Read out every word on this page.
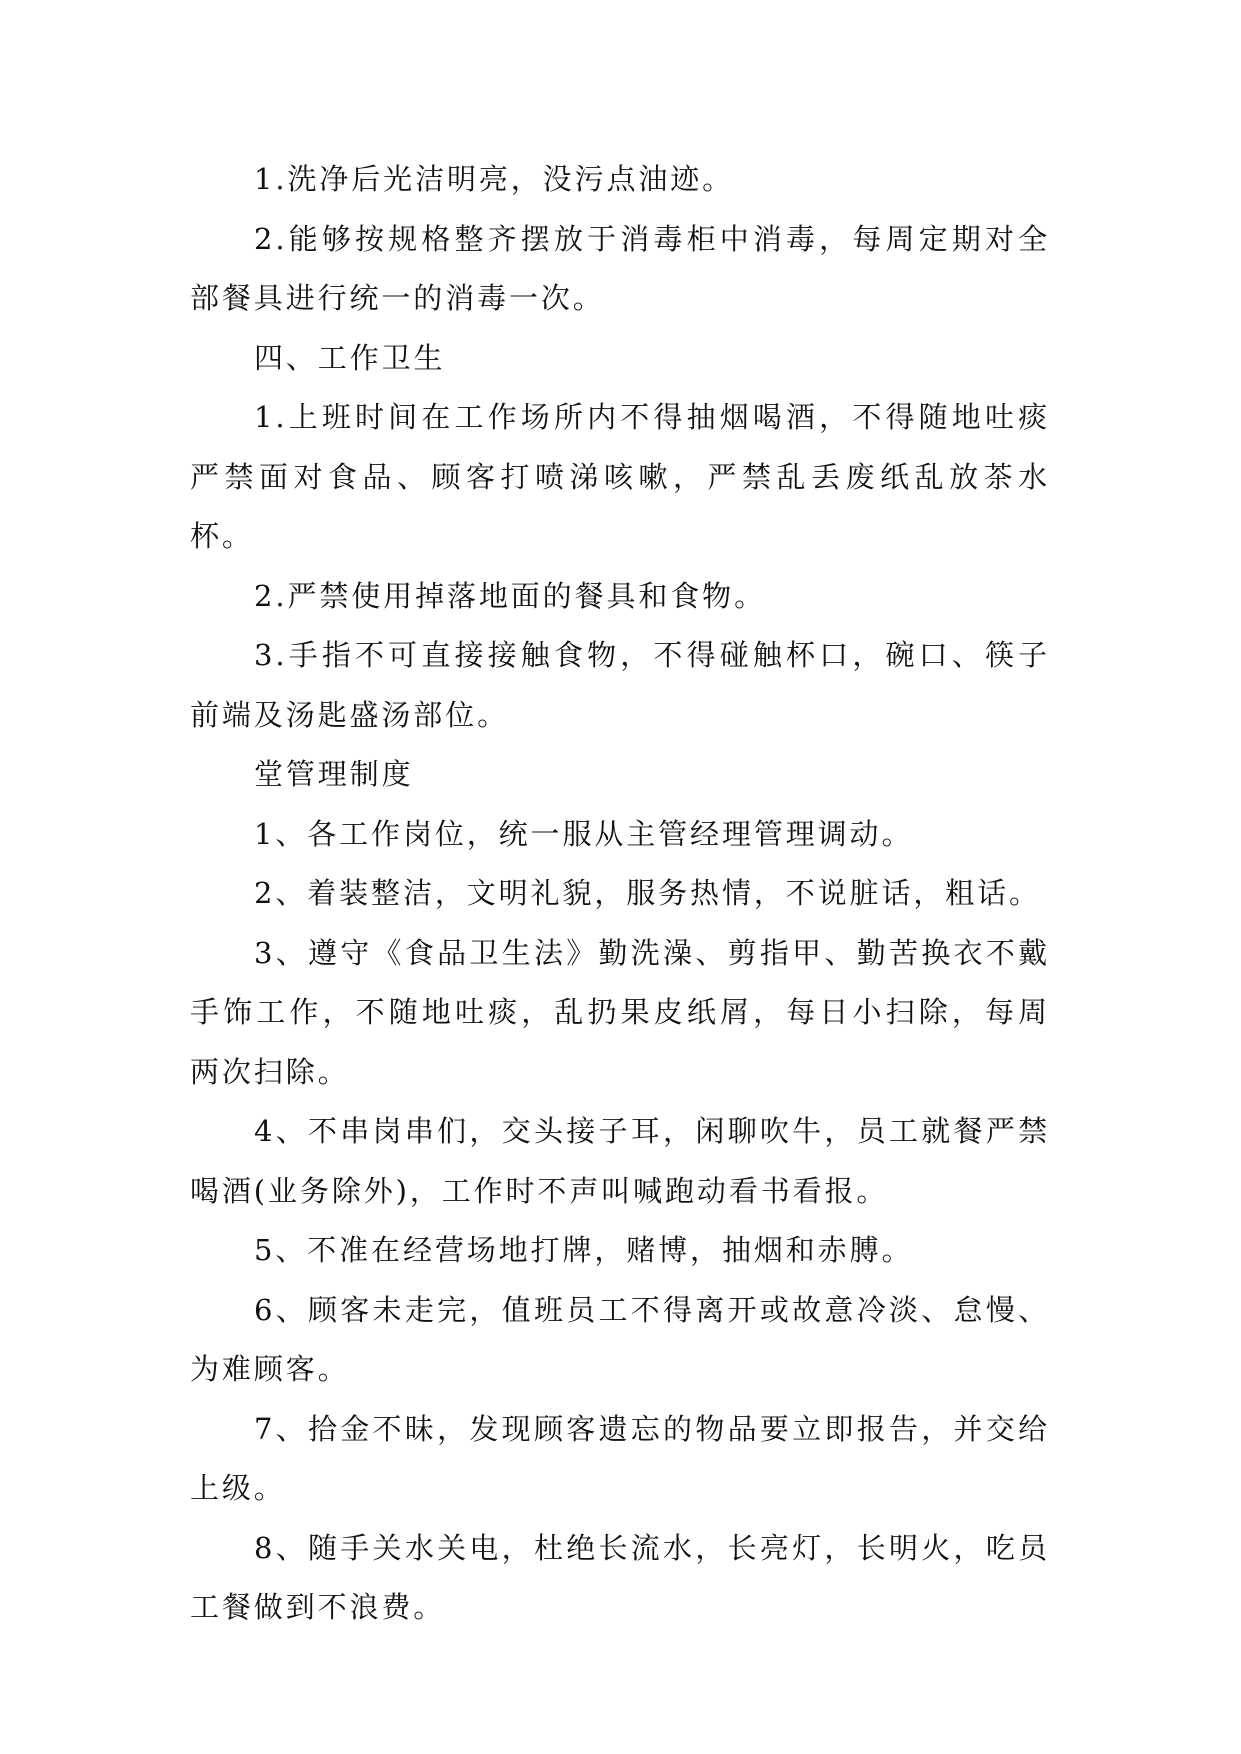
1.洗净后光洁明亮，没污点油迹。

2.能够按规格整齐摆放于消毒柜中消毒，每周定期对全部餐具进行统一的消毒一次。

四、工作卫生

1.上班时间在工作场所内不得抽烟喝酒，不得随地吐痰严禁面对食品、顾客打喷涕咳嗽，严禁乱丢废纸乱放茶水杯。

2.严禁使用掉落地面的餐具和食物。

3.手指不可直接接触食物，不得碰触杯口，碗口、筷子前端及汤匙盛汤部位。

堂管理制度

1、各工作岗位，统一服从主管经理管理调动。

2、着装整洁，文明礼貌，服务热情，不说脏话，粗话。

3、遵守《食品卫生法》勤洗澡、剪指甲、勤苦换衣不戴手饰工作，不随地吐痰，乱扔果皮纸屑，每日小扫除，每周两次扫除。

4、不串岗串们，交头接子耳，闲聊吹牛，员工就餐严禁喝酒(业务除外)，工作时不声叫喊跑动看书看报。

5、不准在经营场地打牌，赌博，抽烟和赤膊。

6、顾客未走完，值班员工不得离开或故意冷淡、怠慢、为难顾客。

7、拾金不昧，发现顾客遗忘的物品要立即报告，并交给上级。

8、随手关水关电，杜绝长流水，长亮灯，长明火，吃员工餐做到不浪费。
